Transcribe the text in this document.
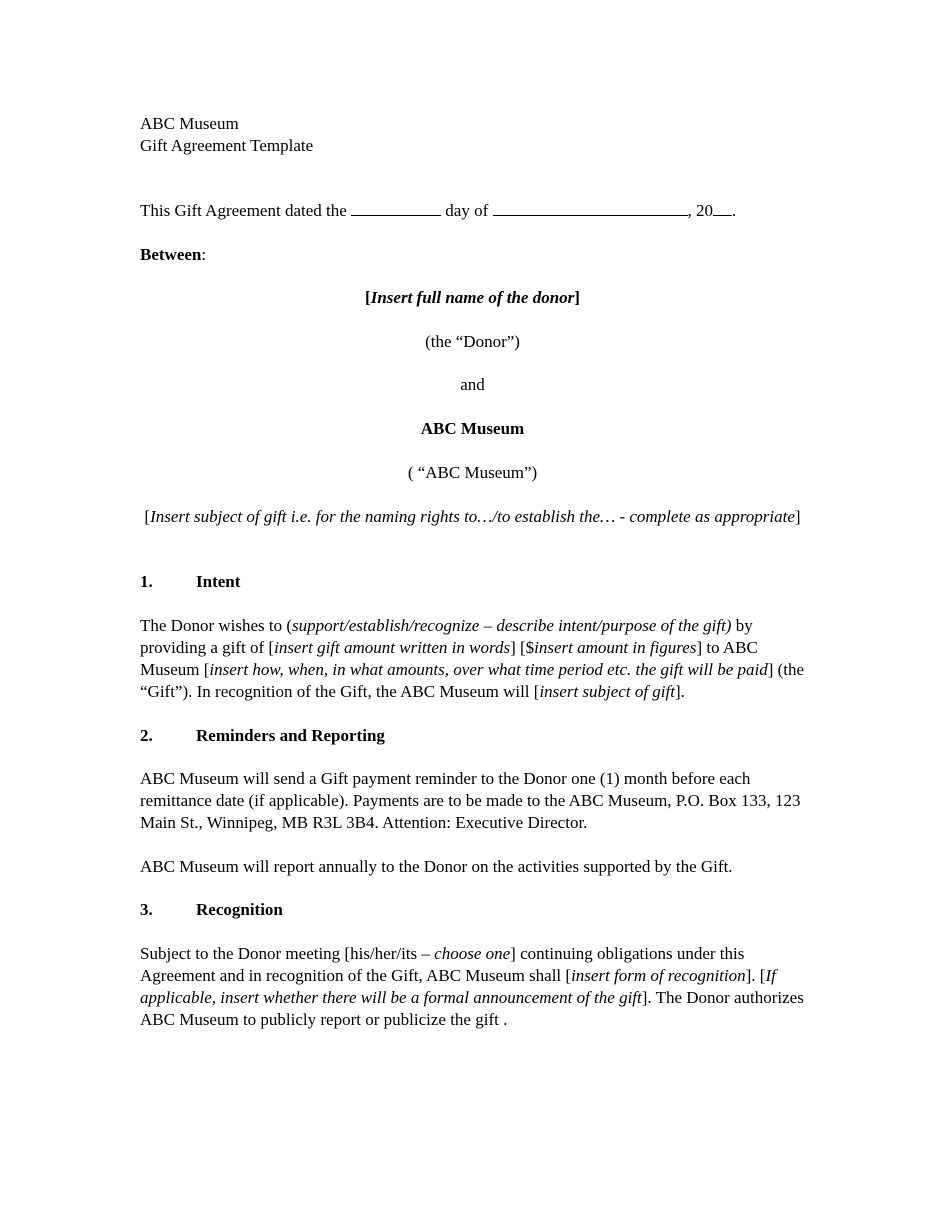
ABC Museum

Gift Agreement Template

This Gift Agreement dated the	day of	, 20 .

Between:

[Insert full name of the donor]

(the “Donor”)

and

ABC Museum

( “ABC Museum”)

[Insert subject of gift i.e. for the naming rights to…/to establish the… - complete as appropriate]

1.	Intent

The Donor wishes to (support/establish/recognize – describe intent/purpose of the gift) by providing a gift of [insert gift amount written in words] [$insert amount in figures] to ABC Museum [insert how, when, in what amounts, over what time period etc. the gift will be paid] (the “Gift”). In recognition of the Gift, the ABC Museum will [insert subject of gift].

2.	Reminders and Reporting

ABC Museum will send a Gift payment reminder to the Donor one (1) month before each remittance date (if applicable). Payments are to be made to the ABC Museum, P.O. Box 133, 123 Main St., Winnipeg, MB R3L 3B4. Attention: Executive Director.

ABC Museum will report annually to the Donor on the activities supported by the Gift.

3.	Recognition

Subject to the Donor meeting [his/her/its – choose one] continuing obligations under this Agreement and in recognition of the Gift, ABC Museum shall [insert form of recognition]. [If applicable, insert whether there will be a formal announcement of the gift]. The Donor authorizes ABC Museum to publicly report or publicize the gift .
